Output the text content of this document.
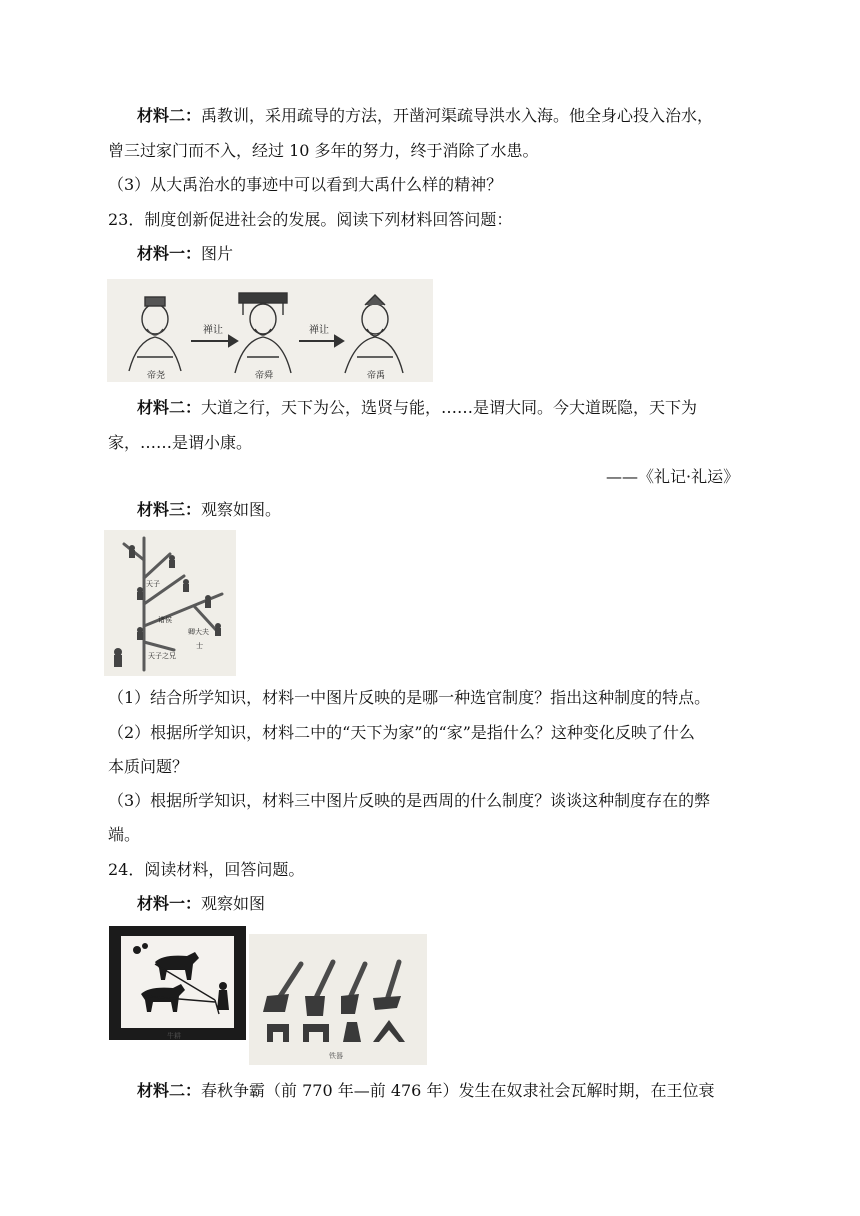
材料二：禹教训，采用疏导的方法，开凿河渠疏导洪水入海。他全身心投入治水，
曾三过家门而不入，经过 10 多年的努力，终于消除了水患。
（3）从大禹治水的事迹中可以看到大禹什么样的精神？
23．制度创新促进社会的发展。阅读下列材料回答问题：
材料一：图片
禅让	禅让
帝尧	帝舜	帝禹
材料二：大道之行，天下为公，选贤与能，……是谓大同。今大道既隐，天下为
家，……是谓小康。
——《礼记·礼运》
材料三：观察如图。
天子
诸侯
卿大夫
士
天子之兄
（1）结合所学知识，材料一中图片反映的是哪一种选官制度？指出这种制度的特点。
（2）根据所学知识，材料二中的“天下为家”的“家”是指什么？这种变化反映了什么
本质问题？
（3）根据所学知识，材料三中图片反映的是西周的什么制度？谈谈这种制度存在的弊
端。
24．阅读材料，回答问题。
材料一：观察如图
牛耕
铁器
材料二：春秋争霸（前 770 年—前 476 年）发生在奴隶社会瓦解时期，在王位衰
